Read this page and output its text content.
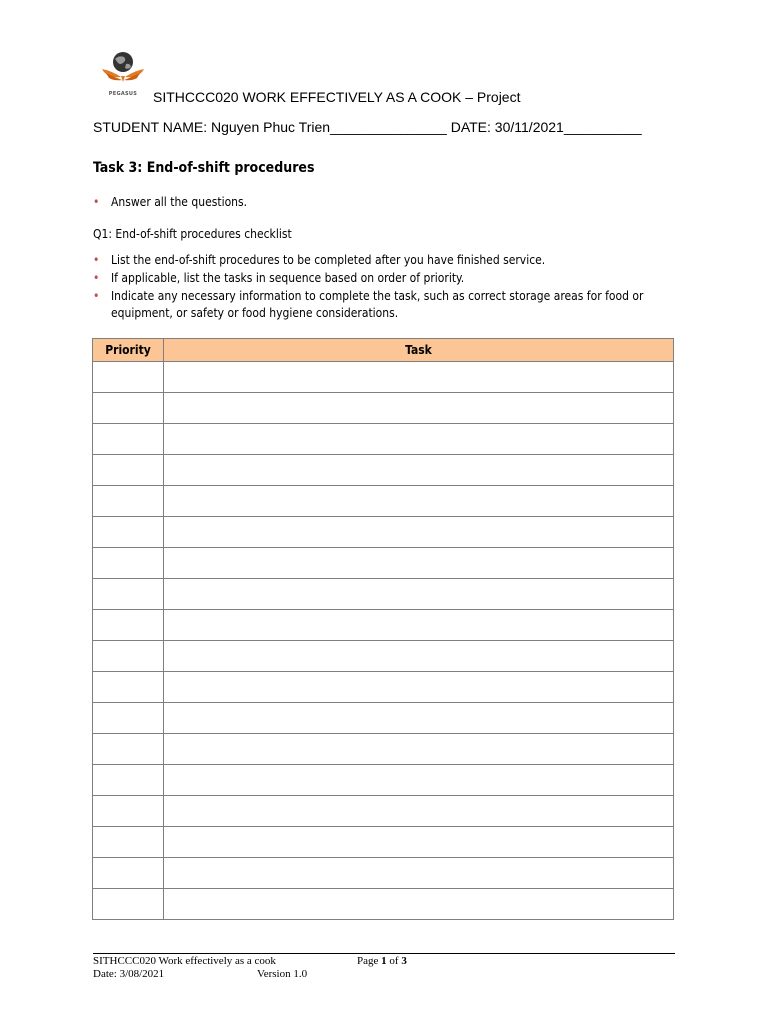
PEGASUS	SITHCCC020 WORK EFFECTIVELY AS A COOK – Project
STUDENT NAME: Nguyen Phuc Trien_______________ DATE: 30/11/2021__________
Task 3: End-of-shift procedures
• Answer all the questions.
Q1: End-of-shift procedures checklist
• List the end-of-shift procedures to be completed after you have finished service.
• If applicable, list the tasks in sequence based on order of priority.
• Indicate any necessary information to complete the task, such as correct storage areas for food or equipment, or safety or food hygiene considerations.
Priority	Task

SITHCCC020 Work effectively as a cook
Date: 3/08/2021
Page 1 of 3
Version 1.0
